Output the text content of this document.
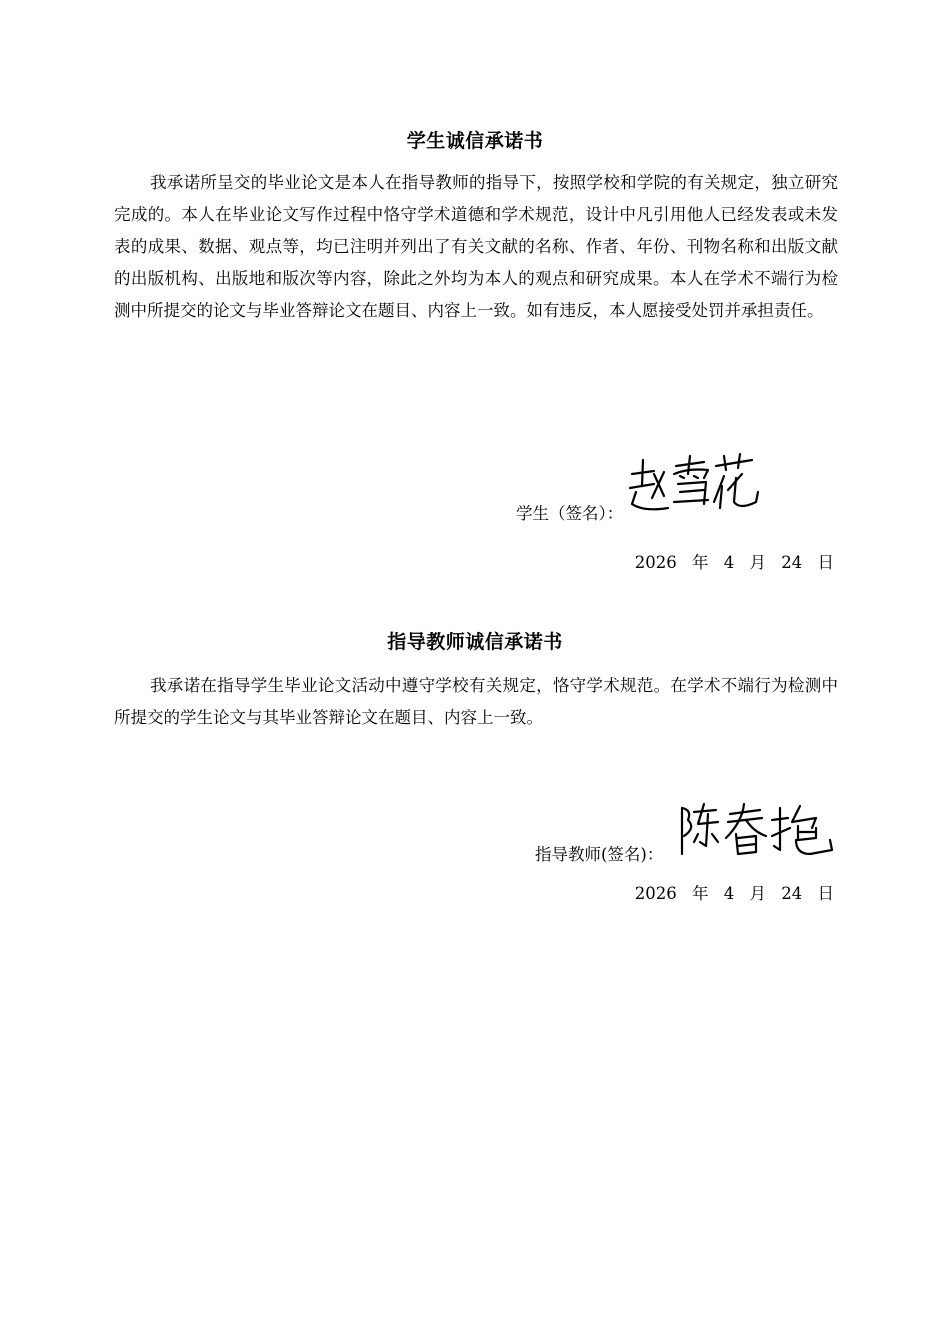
学生诚信承诺书

我承诺所呈交的毕业论文是本人在指导教师的指导下，按照学校和学院的有关规定，独立研究完成的。本人在毕业论文写作过程中恪守学术道德和学术规范，设计中凡引用他人已经发表或未发表的成果、数据、观点等，均已注明并列出了有关文献的名称、作者、年份、刊物名称和出版文献的出版机构、出版地和版次等内容，除此之外均为本人的观点和研究成果。本人在学术不端行为检测中所提交的论文与毕业答辩论文在题目、内容上一致。如有违反，本人愿接受处罚并承担责任。

学生（签名）：
2026 年 4 月 24 日
指导教师诚信承诺书

我承诺在指导学生毕业论文活动中遵守学校有关规定，恪守学术规范。在学术不端行为检测中所提交的学生论文与其毕业答辩论文在题目、内容上一致。

指导教师(签名)：
2026 年 4 月 24 日
